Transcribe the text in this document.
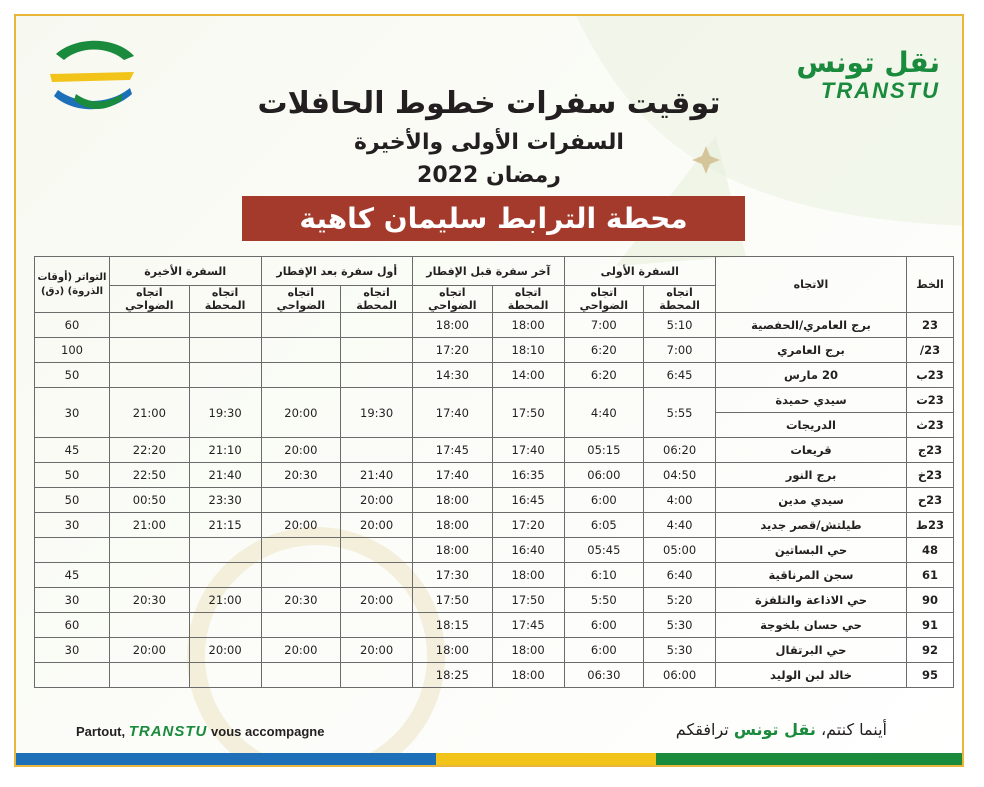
نقل تونس
TRANSTU
توقيت سفرات خطوط الحافلات
السفرات الأولى والأخيرة
رمضان 2022
محطة الترابط سليمان كاهية
الخط	الاتجاه	السفرة الأولى		آخر سفرة قبل الإفطار		أول سفرة بعد الإفطار		السفرة الأخيرة		التواتر (أوقات الذروة) (دق)
		اتجاه المحطة	اتجاه الضواحي	اتجاه المحطة	اتجاه الضواحي	اتجاه المحطة	اتجاه الضواحي	اتجاه المحطة	اتجاه الضواحي	
23	برج العامري/الحفصية	5:10	7:00	18:00	18:00					60
23/	برج العامري	7:00	6:20	18:10	17:20					100
23ب	20 مارس	6:45	6:20	14:00	14:30					50
23ت	سيدي حميدة	5:55	4:40	17:50	17:40	19:30	20:00	19:30	21:00	30
23ث	الدريجات									
23ج	قريعات	06:20	05:15	17:40	17:45		20:00	21:10	22:20	45
23خ	برج النور	04:50	06:00	16:35	17:40	21:40	20:30	21:40	22:50	50
23ح	سيدي مدين	4:00	6:00	16:45	18:00	20:00		23:30	00:50	50
23ط	طيلتش/قصر جديد	4:40	6:05	17:20	18:00	20:00	20:00	21:15	21:00	30
48	حي البساتين	05:00	05:45	16:40	18:00					
61	سجن المرناقية	6:40	6:10	18:00	17:30					45
90	حي الاذاعة والتلفزة	5:20	5:50	17:50	17:50	20:00	20:30	21:00	20:30	30
91	حي حسان بلخوجة	5:30	6:00	17:45	18:15					60
92	حي البرتقال	5:30	6:00	18:00	18:00	20:00	20:00	20:00	20:00	30
95	خالد لبن الوليد	06:00	06:30	18:00	18:25					
Partout, TRANSTU vous accompagne	أينما كنتم، نقل تونس ترافقكم
